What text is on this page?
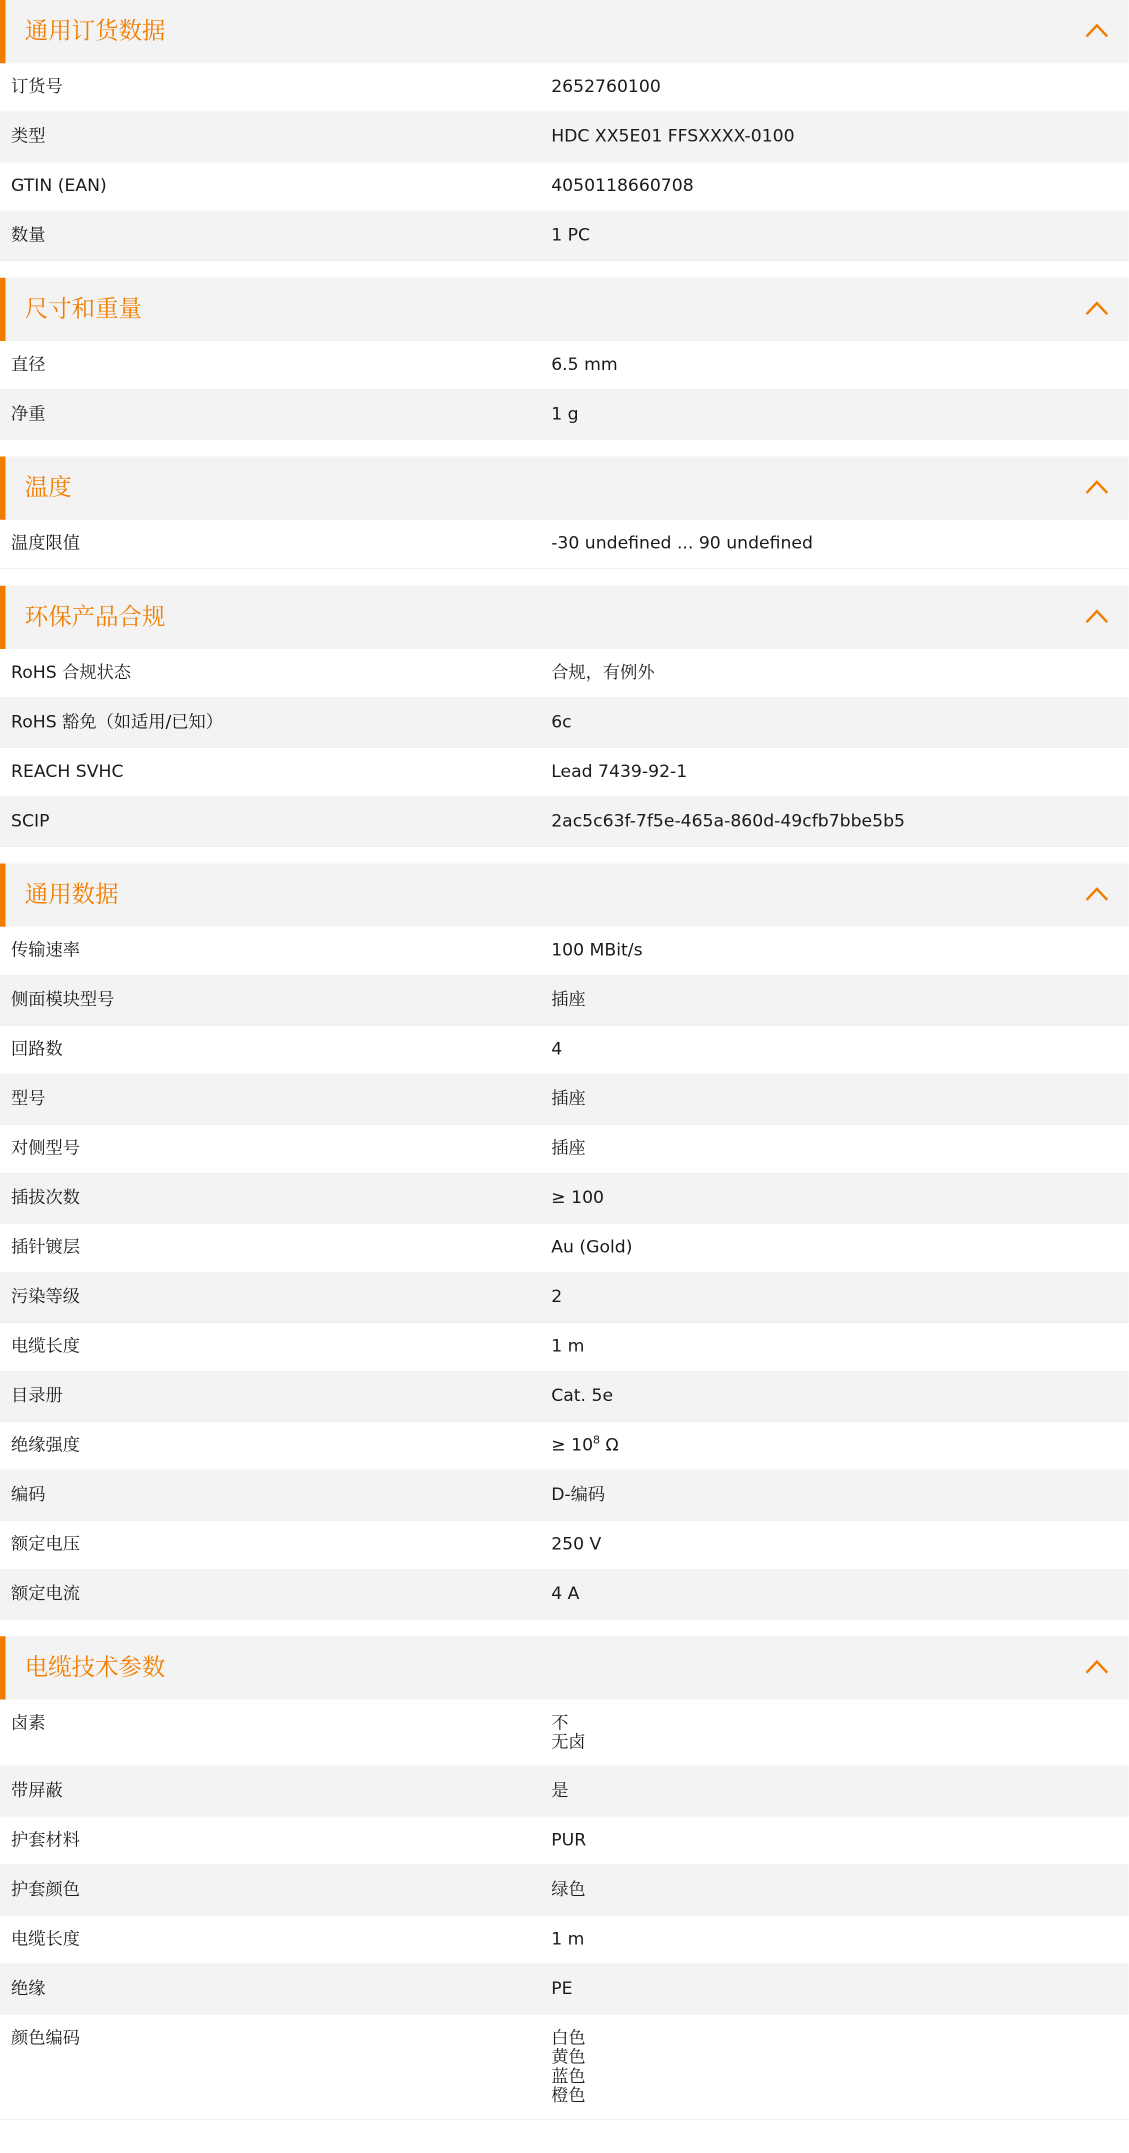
通用订货数据
订货号	2652760100
类型	HDC XX5E01 FFSXXXX-0100
GTIN (EAN)	4050118660708
数量	1 PC
尺寸和重量
直径	6.5 mm
净重	1 g
温度
温度限值	-30 undefined ... 90 undefined
环保产品合规
RoHS 合规状态	合规，有例外
RoHS 豁免（如适用/已知）	6c
REACH SVHC	Lead 7439-92-1
SCIP	2ac5c63f-7f5e-465a-860d-49cfb7bbe5b5
通用数据
传输速率	100 MBit/s
侧面模块型号	插座
回路数	4
型号	插座
对侧型号	插座
插拔次数	≥ 100
插针镀层	Au (Gold)
污染等级	2
电缆长度	1 m
目录册	Cat. 5e
绝缘强度	≥ $10^8$ Ω
编码	D-编码
额定电压	250 V
额定电流	4 A
电缆技术参数
卤素	不
无卤
带屏蔽	是
护套材料	PUR
护套颜色	绿色
电缆长度	1 m
绝缘	PE
颜色编码	白色
黄色
蓝色
橙色
